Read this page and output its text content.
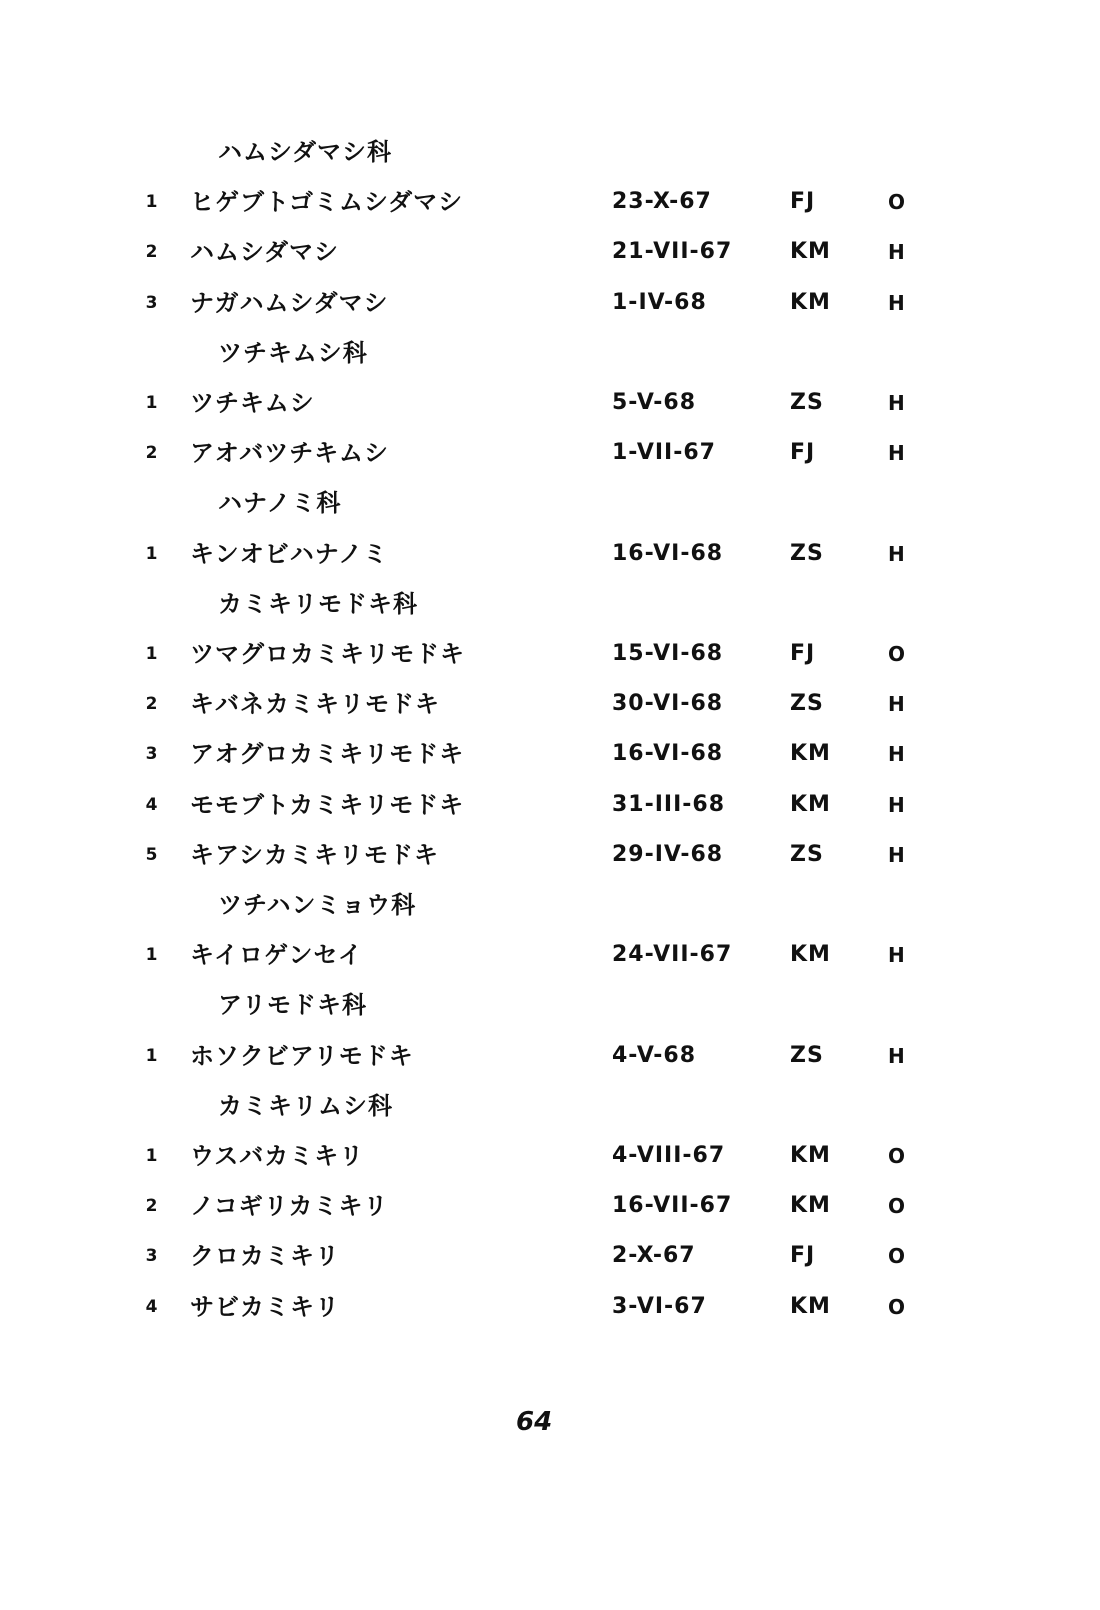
ハムシダマシ科
1 ヒゲブトゴミムシダマシ	23-X-67	FJ	O
2 ハムシダマシ	21-VII-67	KM	H
3 ナガハムシダマシ	1-IV-68	KM	H
ツチキムシ科
1 ツチキムシ	5-V-68	ZS	H
2 アオバツチキムシ	1-VII-67	FJ	H
ハナノミ科
1 キンオビハナノミ	16-VI-68	ZS	H
カミキリモドキ科
1 ツマグロカミキリモドキ	15-VI-68	FJ	O
2 キバネカミキリモドキ	30-VI-68	ZS	H
3 アオグロカミキリモドキ	16-VI-68	KM	H
4 モモブトカミキリモドキ	31-III-68	KM	H
5 キアシカミキリモドキ	29-IV-68	ZS	H
ツチハンミョウ科
1 キイロゲンセイ	24-VII-67	KM	H
アリモドキ科
1 ホソクビアリモドキ	4-V-68	ZS	H
カミキリムシ科
1 ウスバカミキリ	4-VIII-67	KM	O
2 ノコギリカミキリ	16-VII-67	KM	O
3 クロカミキリ	2-X-67	FJ	O
4 サビカミキリ	3-VI-67	KM	O
64
